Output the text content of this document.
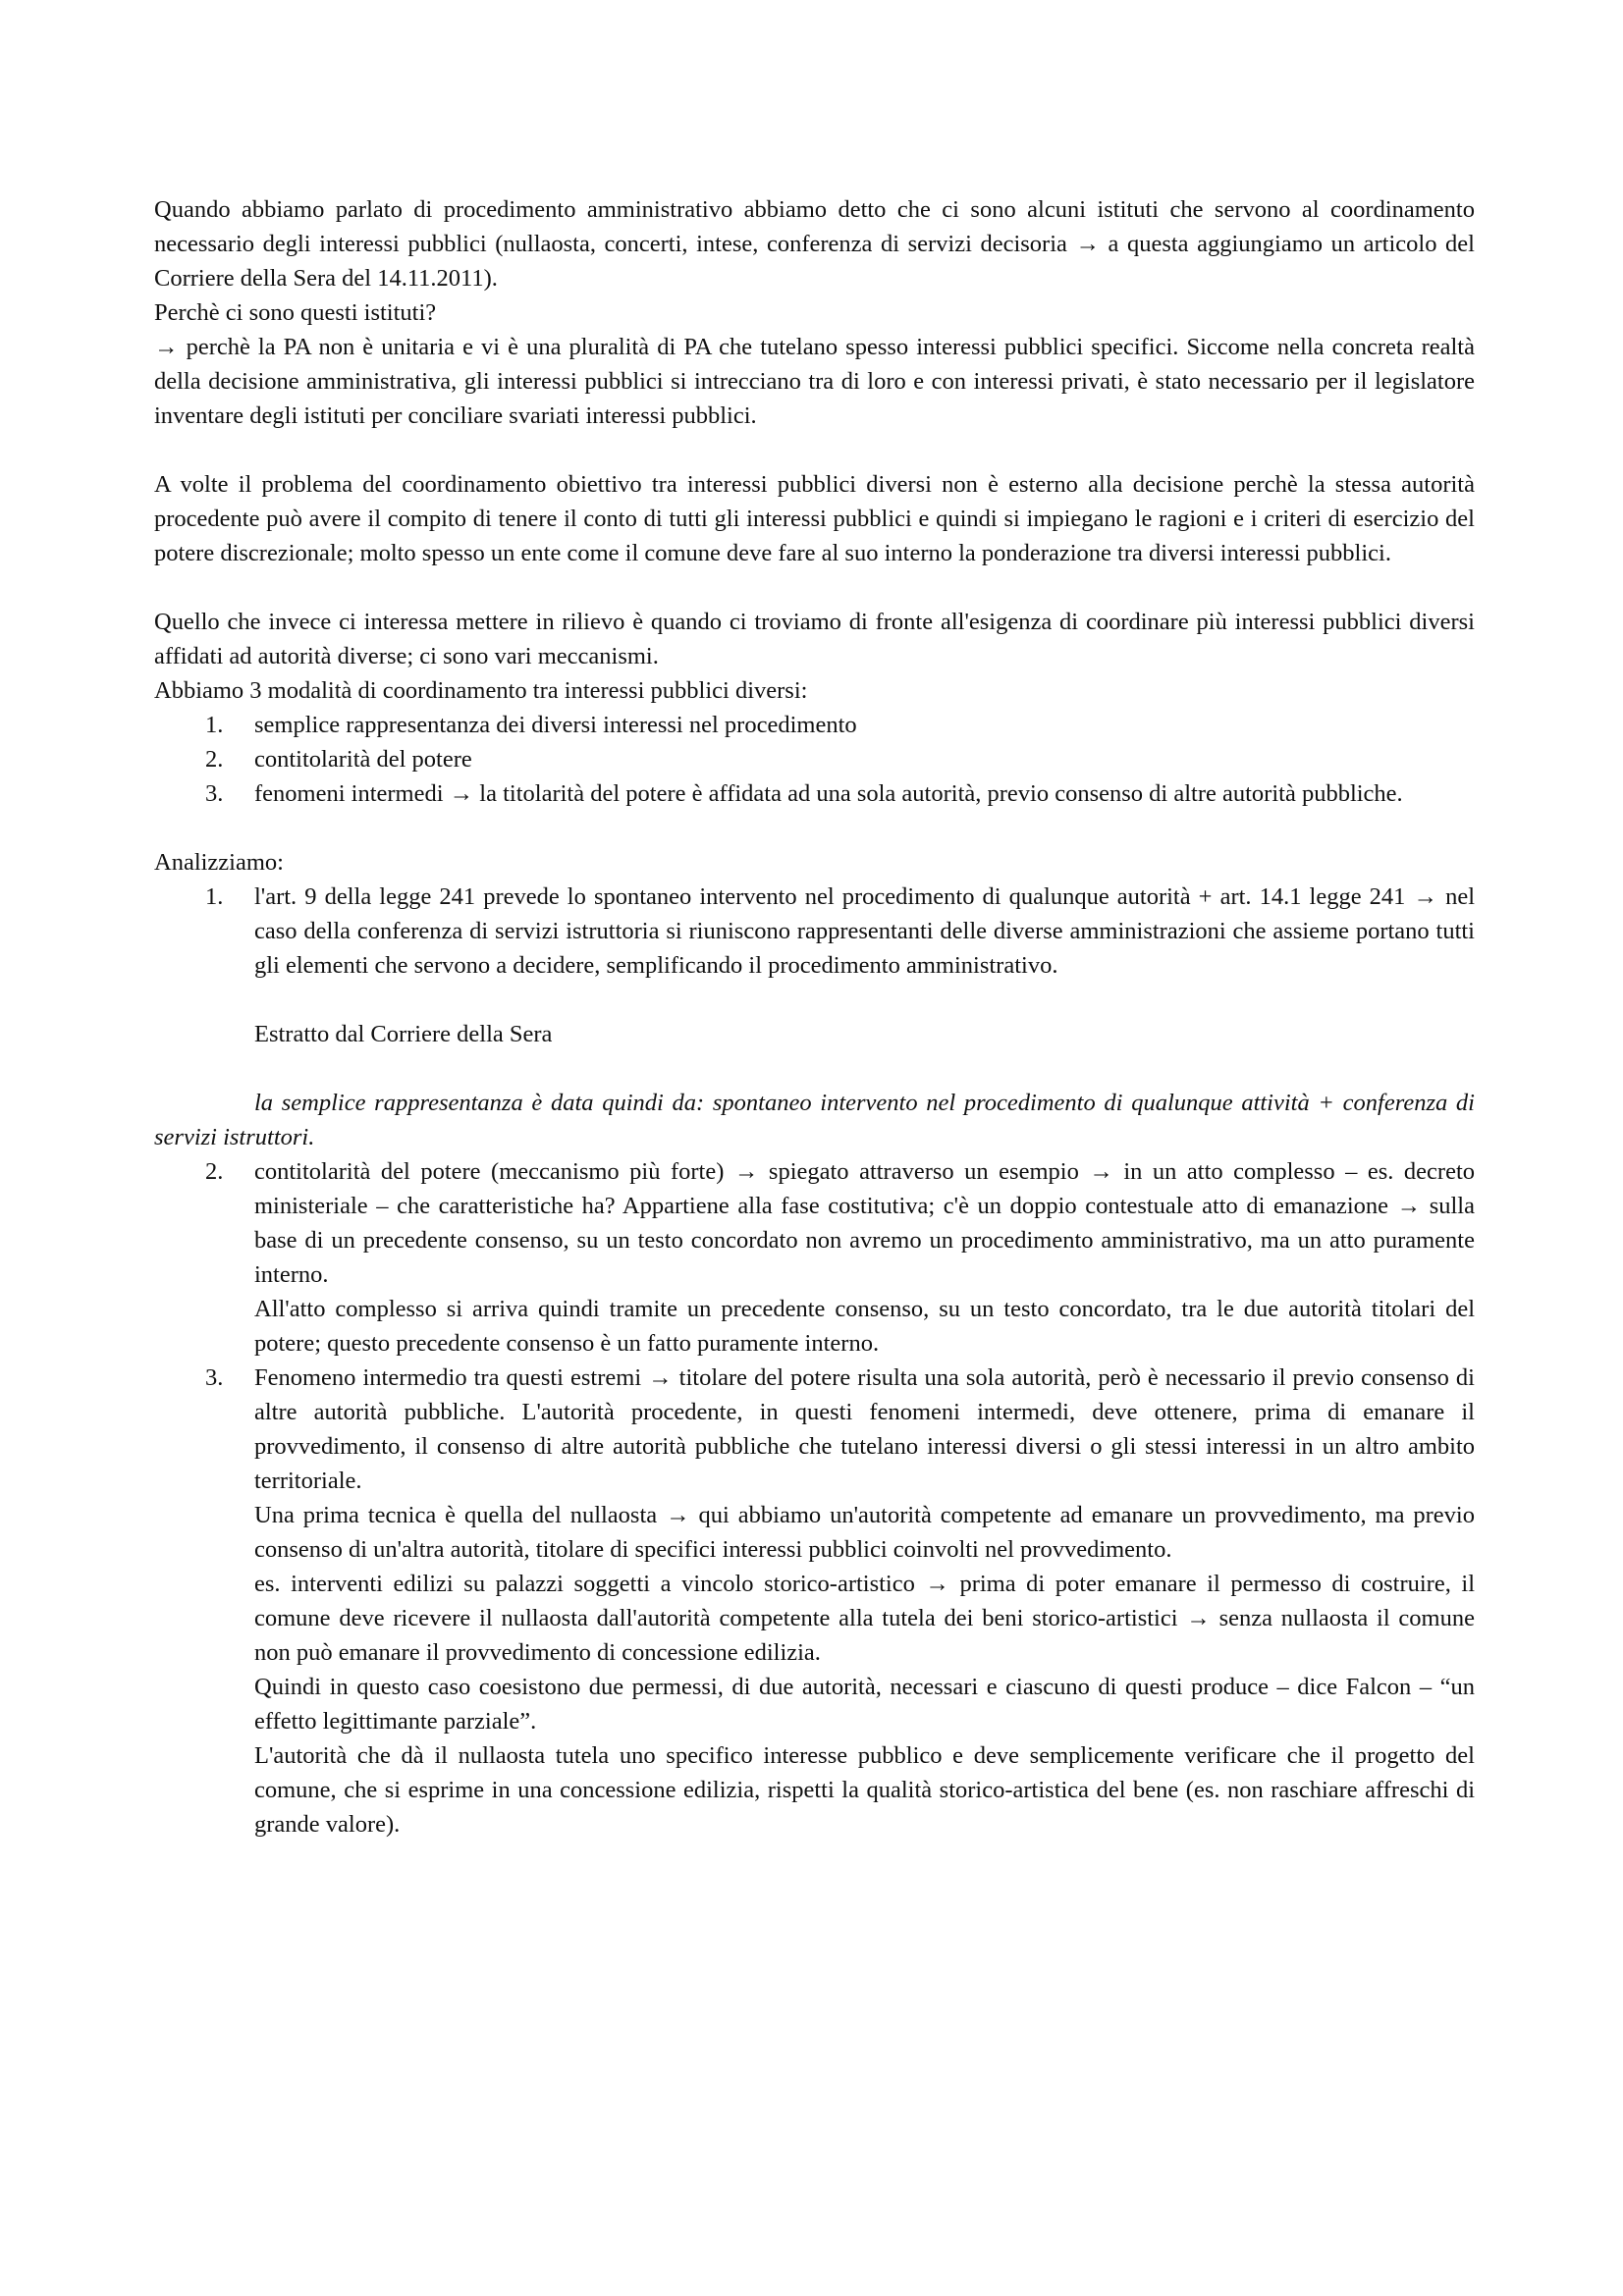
Quando abbiamo parlato di procedimento amministrativo abbiamo detto che ci sono alcuni istituti che servono al coordinamento necessario degli interessi pubblici (nullaosta, concerti, intese, conferenza di servizi decisoria → a questa aggiungiamo un articolo del Corriere della Sera del 14.11.2011).

Perchè ci sono questi istituti?

→ perchè la PA non è unitaria e vi è una pluralità di PA che tutelano spesso interessi pubblici specifici. Siccome nella concreta realtà della decisione amministrativa, gli interessi pubblici si intrecciano tra di loro e con interessi privati, è stato necessario per il legislatore inventare degli istituti per conciliare svariati interessi pubblici.

A volte il problema del coordinamento obiettivo tra interessi pubblici diversi non è esterno alla decisione perchè la stessa autorità procedente può avere il compito di tenere il conto di tutti gli interessi pubblici e quindi si impiegano le ragioni e i criteri di esercizio del potere discrezionale; molto spesso un ente come il comune deve fare al suo interno la ponderazione tra diversi interessi pubblici.

Quello che invece ci interessa mettere in rilievo è quando ci troviamo di fronte all'esigenza di coordinare più interessi pubblici diversi affidati ad autorità diverse; ci sono vari meccanismi.

Abbiamo 3 modalità di coordinamento tra interessi pubblici diversi:

1. semplice rappresentanza dei diversi interessi nel procedimento
2. contitolarità del potere
3. fenomeni intermedi → la titolarità del potere è affidata ad una sola autorità, previo consenso di altre autorità pubbliche.

Analizziamo:

1. l'art. 9 della legge 241 prevede lo spontaneo intervento nel procedimento di qualunque autorità + art. 14.1 legge 241 → nel caso della conferenza di servizi istruttoria si riuniscono rappresentanti delle diverse amministrazioni che assieme portano tutti gli elementi che servono a decidere, semplificando il procedimento amministrativo.

Estratto dal Corriere della Sera

la semplice rappresentanza è data quindi da: spontaneo intervento nel procedimento di qualunque attività + conferenza di servizi istruttori.

2. contitolarità del potere (meccanismo più forte) → spiegato attraverso un esempio → in un atto complesso – es. decreto ministeriale – che caratteristiche ha? Appartiene alla fase costitutiva; c'è un doppio contestuale atto di emanazione → sulla base di un precedente consenso, su un testo concordato non avremo un procedimento amministrativo, ma un atto puramente interno.
All'atto complesso si arriva quindi tramite un precedente consenso, su un testo concordato, tra le due autorità titolari del potere; questo precedente consenso è un fatto puramente interno.
3. Fenomeno intermedio tra questi estremi → titolare del potere risulta una sola autorità, però è necessario il previo consenso di altre autorità pubbliche. L'autorità procedente, in questi fenomeni intermedi, deve ottenere, prima di emanare il provvedimento, il consenso di altre autorità pubbliche che tutelano interessi diversi o gli stessi interessi in un altro ambito territoriale.
Una prima tecnica è quella del nullaosta → qui abbiamo un'autorità competente ad emanare un provvedimento, ma previo consenso di un'altra autorità, titolare di specifici interessi pubblici coinvolti nel provvedimento.
es. interventi edilizi su palazzi soggetti a vincolo storico-artistico → prima di poter emanare il permesso di costruire, il comune deve ricevere il nullaosta dall'autorità competente alla tutela dei beni storico-artistici → senza nullaosta il comune non può emanare il provvedimento di concessione edilizia.
Quindi in questo caso coesistono due permessi, di due autorità, necessari e ciascuno di questi produce – dice Falcon – “un effetto legittimante parziale”.
L'autorità che dà il nullaosta tutela uno specifico interesse pubblico e deve semplicemente verificare che il progetto del comune, che si esprime in una concessione edilizia, rispetti la qualità storico-artistica del bene (es. non raschiare affreschi di grande valore).
